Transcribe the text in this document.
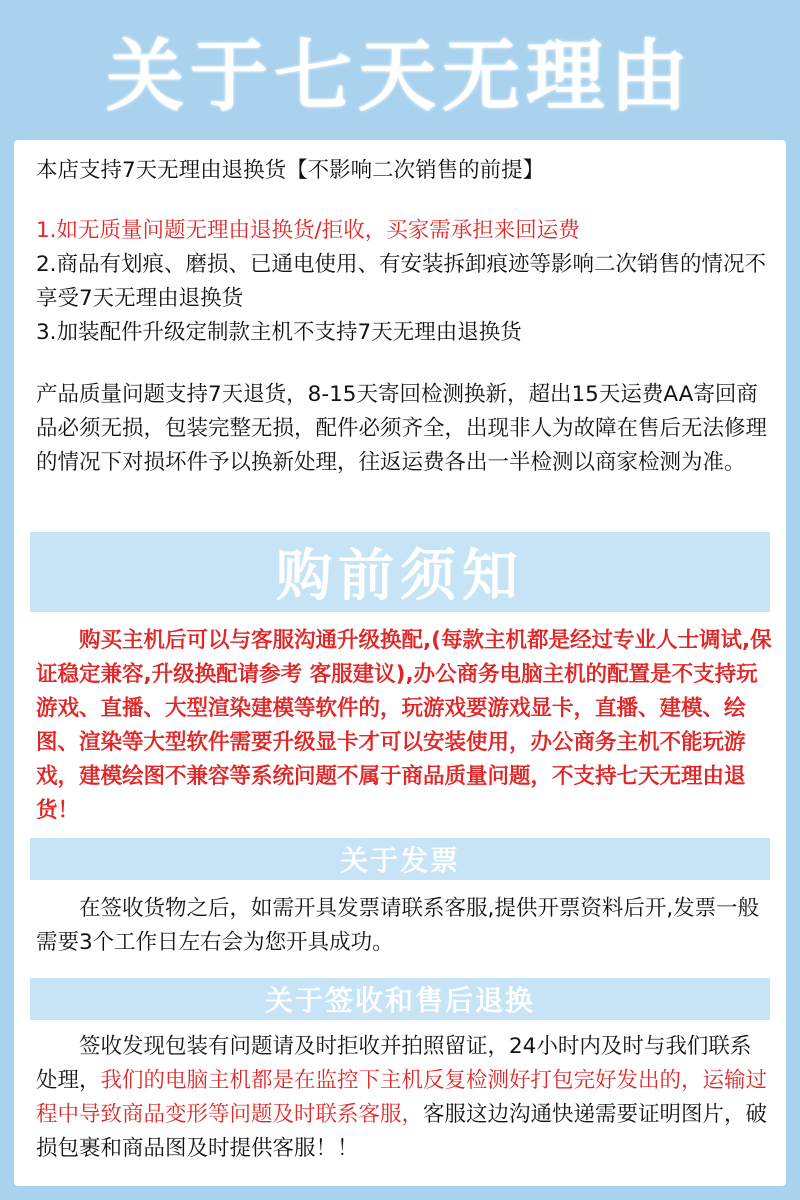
关于七天无理由

本店支持7天无理由退换货【不影响二次销售的前提】

1.如无质量问题无理由退换货/拒收，买家需承担来回运费

2.商品有划痕、磨损、已通电使用、有安装拆卸痕迹等影响二次销售的情况不享受7天无理由退换货

3.加装配件升级定制款主机不支持7天无理由退换货

产品质量问题支持7天退货，8-15天寄回检测换新，超出15天运费AA寄回商品必须无损，包装完整无损，配件必须齐全，出现非人为故障在售后无法修理的情况下对损坏件予以换新处理，往返运费各出一半检测以商家检测为准。

购前须知

购买主机后可以与客服沟通升级换配,(每款主机都是经过专业人士调试,保证稳定兼容,升级换配请参考 客服建议),办公商务电脑主机的配置是不支持玩游戏、直播、大型渲染建模等软件的，玩游戏要游戏显卡，直播、建模、绘图、渲染等大型软件需要升级显卡才可以安装使用，办公商务主机不能玩游戏，建模绘图不兼容等系统问题不属于商品质量问题，不支持七天无理由退货！

关于发票

在签收货物之后，如需开具发票请联系客服,提供开票资料后开,发票一般需要3个工作日左右会为您开具成功。

关于签收和售后退换

签收发现包装有问题请及时拒收并拍照留证，24小时内及时与我们联系处理，我们的电脑主机都是在监控下主机反复检测好打包完好发出的，运输过程中导致商品变形等问题及时联系客服，客服这边沟通快递需要证明图片，破损包裹和商品图及时提供客服！！
